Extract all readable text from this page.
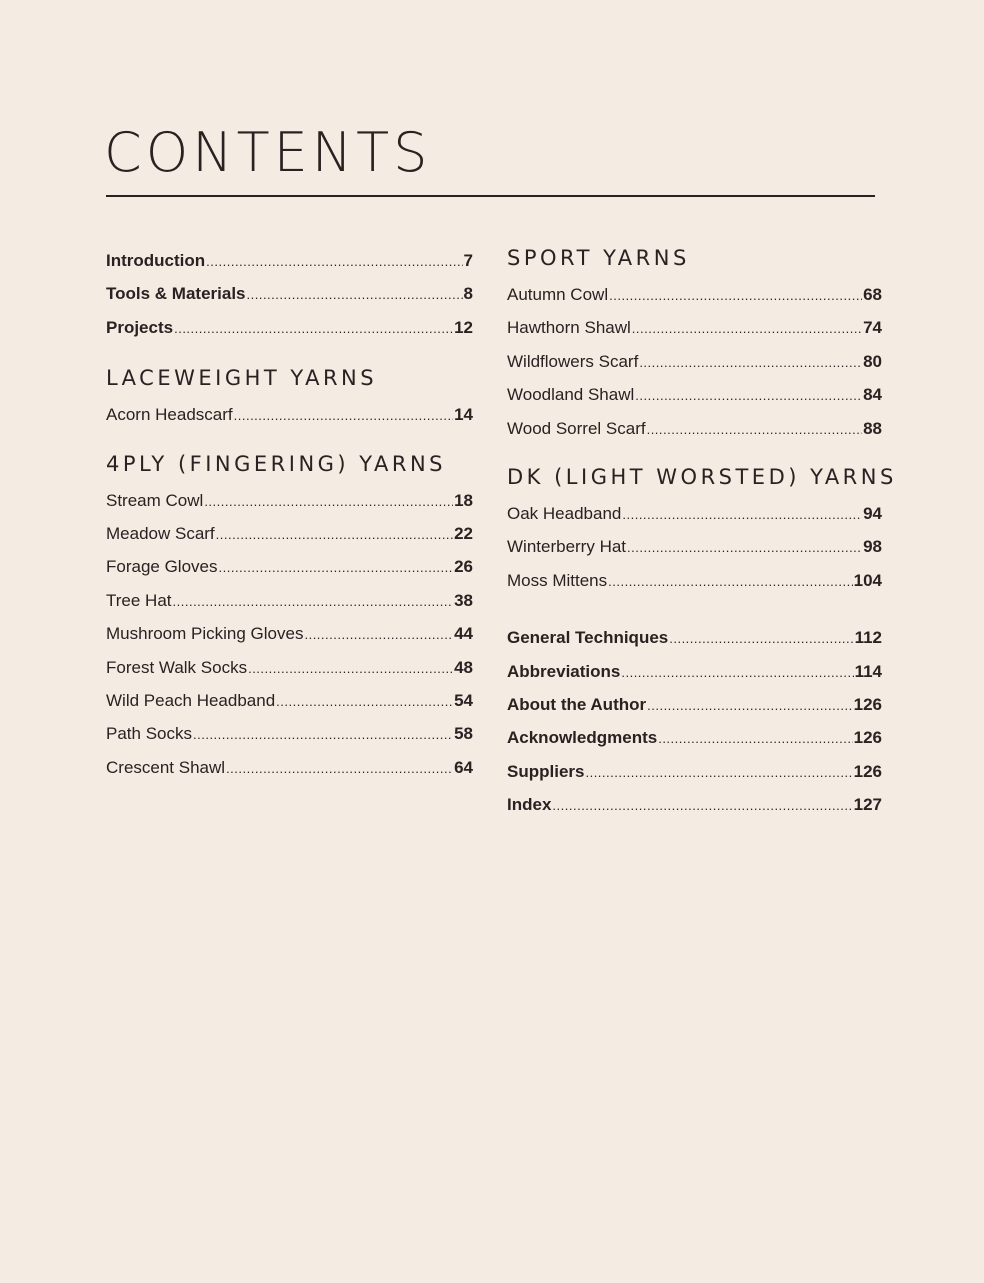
CONTENTS
Introduction .....	7
Tools & Materials .....	8
Projects .....	12
LACEWEIGHT YARNS
Acorn Headscarf .....	14
4PLY (FINGERING) YARNS
Stream Cowl .....	18
Meadow Scarf .....	22
Forage Gloves .....	26
Tree Hat .....	38
Mushroom Picking Gloves .....	44
Forest Walk Socks .....	48
Wild Peach Headband .....	54
Path Socks .....	58
Crescent Shawl .....	64
SPORT YARNS
Autumn Cowl .....	68
Hawthorn Shawl .....	74
Wildflowers Scarf .....	80
Woodland Shawl .....	84
Wood Sorrel Scarf .....	88
DK (LIGHT WORSTED) YARNS
Oak Headband .....	94
Winterberry Hat .....	98
Moss Mittens .....	104
General Techniques .....	112
Abbreviations .....	114
About the Author .....	126
Acknowledgments .....	126
Suppliers .....	126
Index .....	127
